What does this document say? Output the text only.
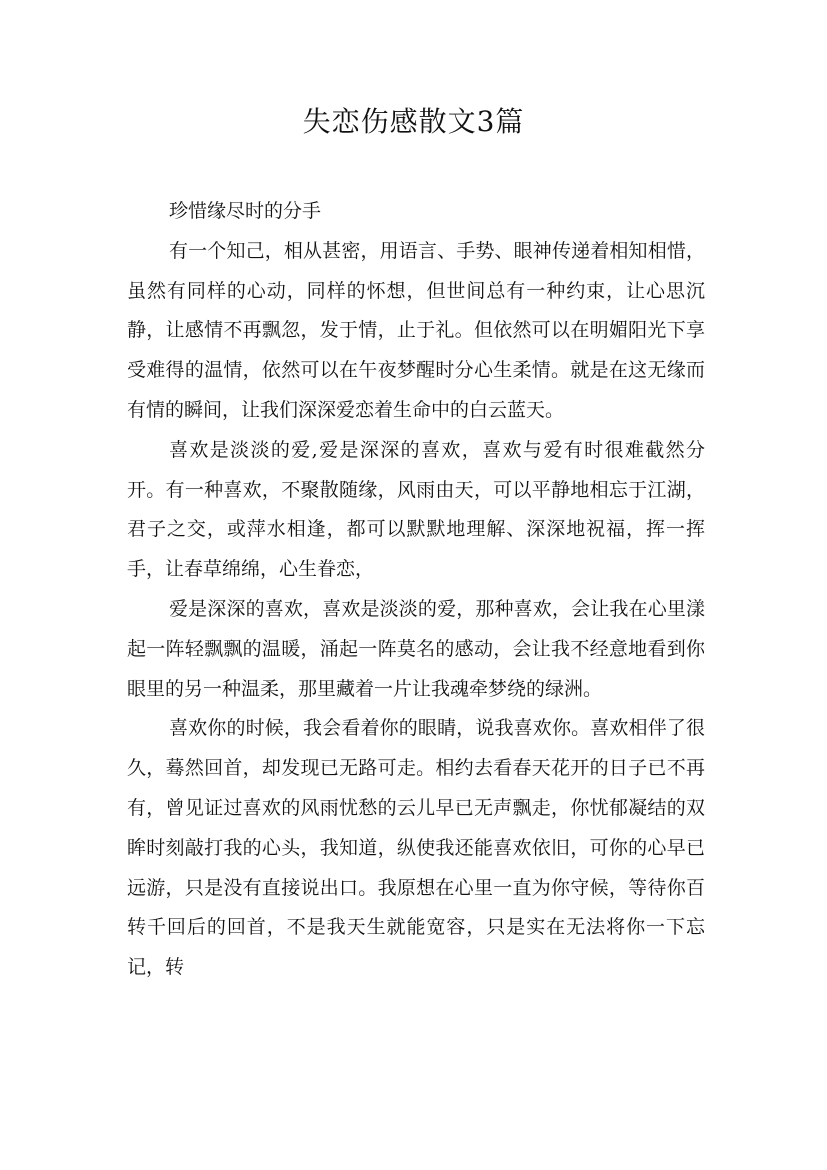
失恋伤感散文3篇

珍惜缘尽时的分手

有一个知己，相从甚密，用语言、手势、眼神传递着相知相惜，虽然有同样的心动，同样的怀想，但世间总有一种约束，让心思沉静，让感情不再飘忽，发于情，止于礼。但依然可以在明媚阳光下享受难得的温情，依然可以在午夜梦醒时分心生柔情。就是在这无缘而有情的瞬间，让我们深深爱恋着生命中的白云蓝天。

喜欢是淡淡的爱,爱是深深的喜欢，喜欢与爱有时很难截然分开。有一种喜欢，不聚散随缘，风雨由天，可以平静地相忘于江湖，君子之交，或萍水相逢，都可以默默地理解、深深地祝福，挥一挥手，让春草绵绵，心生眷恋，

爱是深深的喜欢，喜欢是淡淡的爱，那种喜欢，会让我在心里漾起一阵轻飘飘的温暖，涌起一阵莫名的感动，会让我不经意地看到你眼里的另一种温柔，那里藏着一片让我魂牵梦绕的绿洲。

喜欢你的时候，我会看着你的眼睛，说我喜欢你。喜欢相伴了很久，蓦然回首，却发现已无路可走。相约去看春天花开的日子已不再有，曾见证过喜欢的风雨忧愁的云儿早已无声飘走，你忧郁凝结的双眸时刻敲打我的心头，我知道，纵使我还能喜欢依旧，可你的心早已远游，只是没有直接说出口。我原想在心里一直为你守候，等待你百转千回后的回首，不是我天生就能宽容，只是实在无法将你一下忘记，转
